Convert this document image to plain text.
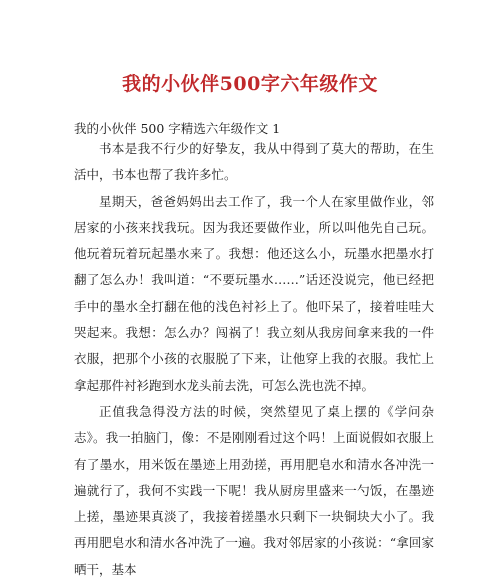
我的小伙伴500字六年级作文
我的小伙伴 500 字精选六年级作文 1

书本是我不行少的好挚友，我从中得到了莫大的帮助，在生活中，书本也帮了我许多忙。

星期天，爸爸妈妈出去工作了，我一个人在家里做作业，邻居家的小孩来找我玩。因为我还要做作业，所以叫他先自己玩。他玩着玩着玩起墨水来了。我想：他还这么小，玩墨水把墨水打翻了怎么办！我叫道：“不要玩墨水……”话还没说完，他已经把手中的墨水全打翻在他的浅色衬衫上了。他吓呆了，接着哇哇大哭起来。我想：怎么办？闯祸了！我立刻从我房间拿来我的一件衣服，把那个小孩的衣服脱了下来，让他穿上我的衣服。我忙上拿起那件衬衫跑到水龙头前去洗，可怎么洗也洗不掉。

正值我急得没方法的时候，突然望见了桌上摆的《学问杂志》。我一拍脑门，像：不是刚刚看过这个吗！上面说假如衣服上有了墨水，用米饭在墨迹上用劲搓，再用肥皂水和清水各冲洗一遍就行了，我何不实践一下呢！我从厨房里盛来一勺饭，在墨迹上搓，墨迹果真淡了，我接着搓墨水只剩下一块铜块大小了。我再用肥皂水和清水各冲洗了一遍。我对邻居家的小孩说：“拿回家晒干，基本
